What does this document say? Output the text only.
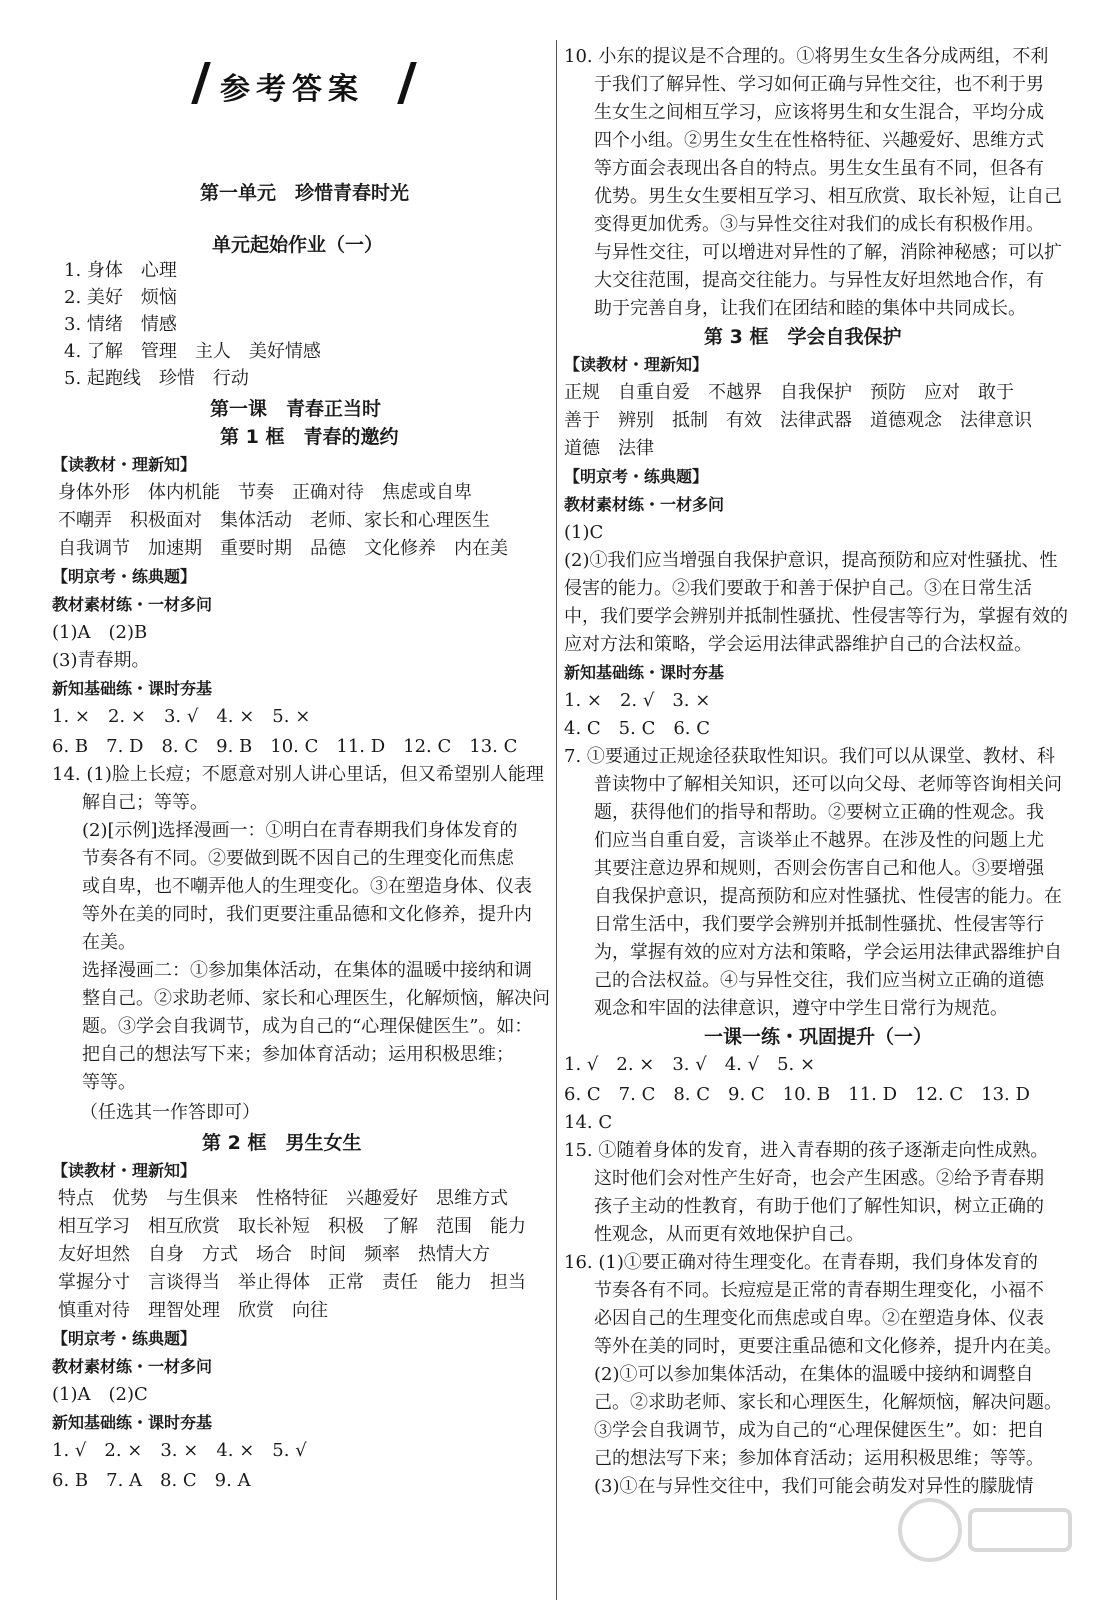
参考答案
第一单元　珍惜青春时光
单元起始作业（一）
1. 身体　心理
2. 美好　烦恼
3. 情绪　情感
4. 了解　管理　主人　美好情感
5. 起跑线　珍惜　行动
第一课　青春正当时
第 1 框　青春的邀约
【读教材・理新知】
身体外形　体内机能　节奏　正确对待　焦虑或自卑
不嘲弄　积极面对　集体活动　老师、家长和心理医生
自我调节　加速期　重要时期　品德　文化修养　内在美
【明京考・练典题】
教材素材练・一材多问
(1)A　(2)B
(3)青春期。
新知基础练・课时夯基
1. ×　2. ×　3. √　4. ×　5. ×
6. B　7. D　8. C　9. B　10. C　11. D　12. C　13. C
14. (1)脸上长痘；不愿意对别人讲心里话，但又希望别人能理
解自己；等等。
(2)[示例]选择漫画一：①明白在青春期我们身体发育的
节奏各有不同。②要做到既不因自己的生理变化而焦虑
或自卑，也不嘲弄他人的生理变化。③在塑造身体、仪表
等外在美的同时，我们更要注重品德和文化修养，提升内
在美。
选择漫画二：①参加集体活动，在集体的温暖中接纳和调
整自己。②求助老师、家长和心理医生，化解烦恼，解决问
题。③学会自我调节，成为自己的“心理保健医生”。如：
把自己的想法写下来；参加体育活动；运用积极思维；
等等。
（任选其一作答即可）
第 2 框　男生女生
【读教材・理新知】
特点　优势　与生俱来　性格特征　兴趣爱好　思维方式
相互学习　相互欣赏　取长补短　积极　了解　范围　能力
友好坦然　自身　方式　场合　时间　频率　热情大方
掌握分寸　言谈得当　举止得体　正常　责任　能力　担当
慎重对待　理智处理　欣赏　向往
【明京考・练典题】
教材素材练・一材多问
(1)A　(2)C
新知基础练・课时夯基
1. √　2. ×　3. ×　4. ×　5. √
6. B　7. A　8. C　9. A
10. 小东的提议是不合理的。①将男生女生各分成两组，不利
于我们了解异性、学习如何正确与异性交往，也不利于男
生女生之间相互学习，应该将男生和女生混合，平均分成
四个小组。②男生女生在性格特征、兴趣爱好、思维方式
等方面会表现出各自的特点。男生女生虽有不同，但各有
优势。男生女生要相互学习、相互欣赏、取长补短，让自己
变得更加优秀。③与异性交往对我们的成长有积极作用。
与异性交往，可以增进对异性的了解，消除神秘感；可以扩
大交往范围，提高交往能力。与异性友好坦然地合作，有
助于完善自身，让我们在团结和睦的集体中共同成长。
第 3 框　学会自我保护
【读教材・理新知】
正规　自重自爱　不越界　自我保护　预防　应对　敢于
善于　辨别　抵制　有效　法律武器　道德观念　法律意识
道德　法律
【明京考・练典题】
教材素材练・一材多问
(1)C
(2)①我们应当增强自我保护意识，提高预防和应对性骚扰、性
侵害的能力。②我们要敢于和善于保护自己。③在日常生活
中，我们要学会辨别并抵制性骚扰、性侵害等行为，掌握有效的
应对方法和策略，学会运用法律武器维护自己的合法权益。
新知基础练・课时夯基
1. ×　2. √　3. ×
4. C　5. C　6. C
7. ①要通过正规途径获取性知识。我们可以从课堂、教材、科
普读物中了解相关知识，还可以向父母、老师等咨询相关问
题，获得他们的指导和帮助。②要树立正确的性观念。我
们应当自重自爱，言谈举止不越界。在涉及性的问题上尤
其要注意边界和规则，否则会伤害自己和他人。③要增强
自我保护意识，提高预防和应对性骚扰、性侵害的能力。在
日常生活中，我们要学会辨别并抵制性骚扰、性侵害等行
为，掌握有效的应对方法和策略，学会运用法律武器维护自
己的合法权益。④与异性交往，我们应当树立正确的道德
观念和牢固的法律意识，遵守中学生日常行为规范。
一课一练・巩固提升（一）
1. √　2. ×　3. √　4. √　5. ×
6. C　7. C　8. C　9. C　10. B　11. D　12. C　13. D
14. C
15. ①随着身体的发育，进入青春期的孩子逐渐走向性成熟。
这时他们会对性产生好奇，也会产生困惑。②给予青春期
孩子主动的性教育，有助于他们了解性知识，树立正确的
性观念，从而更有效地保护自己。
16. (1)①要正确对待生理变化。在青春期，我们身体发育的
节奏各有不同。长痘痘是正常的青春期生理变化，小福不
必因自己的生理变化而焦虑或自卑。②在塑造身体、仪表
等外在美的同时，更要注重品德和文化修养，提升内在美。
(2)①可以参加集体活动，在集体的温暖中接纳和调整自
己。②求助老师、家长和心理医生，化解烦恼，解决问题。
③学会自我调节，成为自己的“心理保健医生”。如：把自
己的想法写下来；参加体育活动；运用积极思维；等等。
(3)①在与异性交往中，我们可能会萌发对异性的朦胧情
